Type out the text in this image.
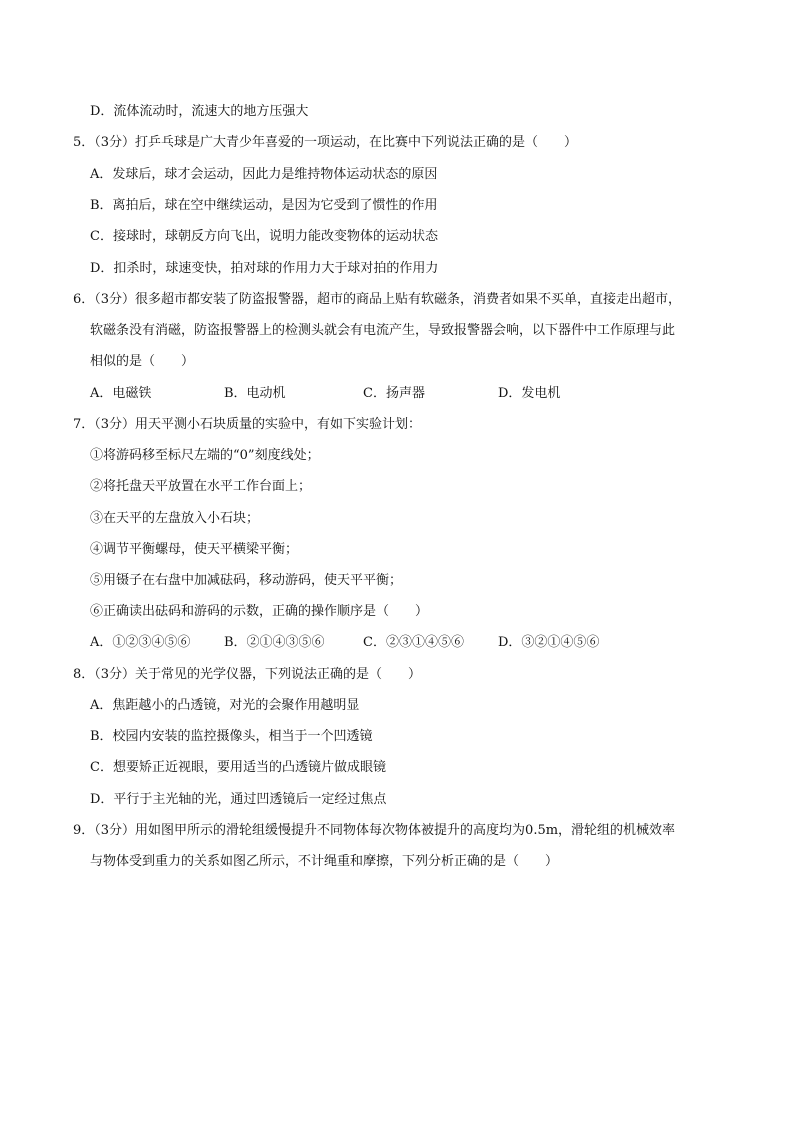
D．流体流动时，流速大的地方压强大
5．（3分）打乒乓球是广大青少年喜爱的一项运动，在比赛中下列说法正确的是（　　）
A．发球后，球才会运动，因此力是维持物体运动状态的原因
B．离拍后，球在空中继续运动，是因为它受到了惯性的作用
C．接球时，球朝反方向飞出，说明力能改变物体的运动状态
D．扣杀时，球速变快，拍对球的作用力大于球对拍的作用力
6．（3分）很多超市都安装了防盗报警器，超市的商品上贴有软磁条，消费者如果不买单，直接走出超市，
软磁条没有消磁，防盗报警器上的检测头就会有电流产生，导致报警器会响，以下器件中工作原理与此
相似的是（　　）
A．电磁铁	B．电动机	C．扬声器	D．发电机
7．（3分）用天平测小石块质量的实验中，有如下实验计划：
①将游码移至标尺左端的“0”刻度线处；
②将托盘天平放置在水平工作台面上；
③在天平的左盘放入小石块；
④调节平衡螺母，使天平横梁平衡；
⑤用镊子在右盘中加减砝码，移动游码，使天平平衡；
⑥正确读出砝码和游码的示数，正确的操作顺序是（　　）
A．①②③④⑤⑥	B．②①④③⑤⑥	C．②③①④⑤⑥	D．③②①④⑤⑥
8．（3分）关于常见的光学仪器，下列说法正确的是（　　）
A．焦距越小的凸透镜，对光的会聚作用越明显
B．校园内安装的监控摄像头，相当于一个凹透镜
C．想要矫正近视眼，要用适当的凸透镜片做成眼镜
D．平行于主光轴的光，通过凹透镜后一定经过焦点
9．（3分）用如图甲所示的滑轮组缓慢提升不同物体每次物体被提升的高度均为0.5m，滑轮组的机械效率
与物体受到重力的关系如图乙所示，不计绳重和摩擦，下列分析正确的是（　　）
